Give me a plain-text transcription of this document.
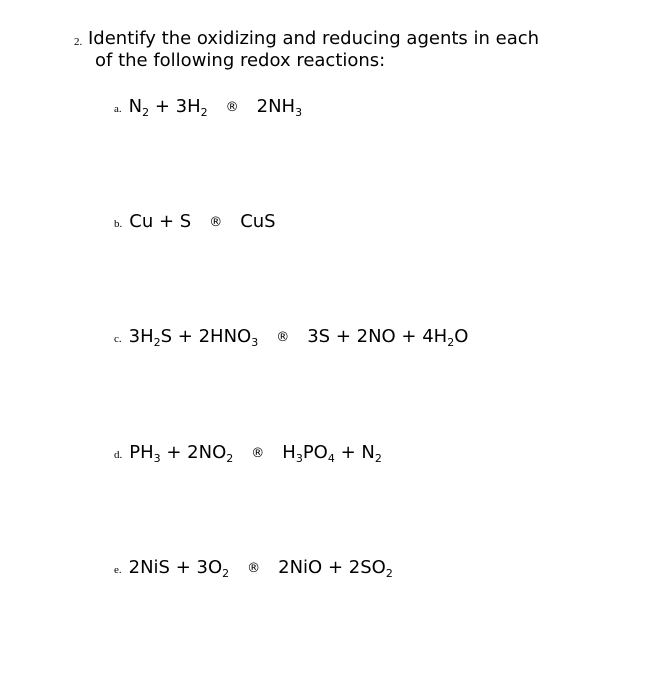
2. Identify the oxidizing and reducing agents in each
of the following redox reactions:
a. $N_2 + 3H_2$ ® $2NH_3$
b. Cu + S ® CuS
c. $3H_2S + 2HNO_3$ ® $3S + 2NO + 4H_2O$
d. $PH_3 + 2NO_2$ ® $H_3PO_4 + N_2$
e. $2NiS + 3O_2$ ® $2NiO + 2SO_2$
